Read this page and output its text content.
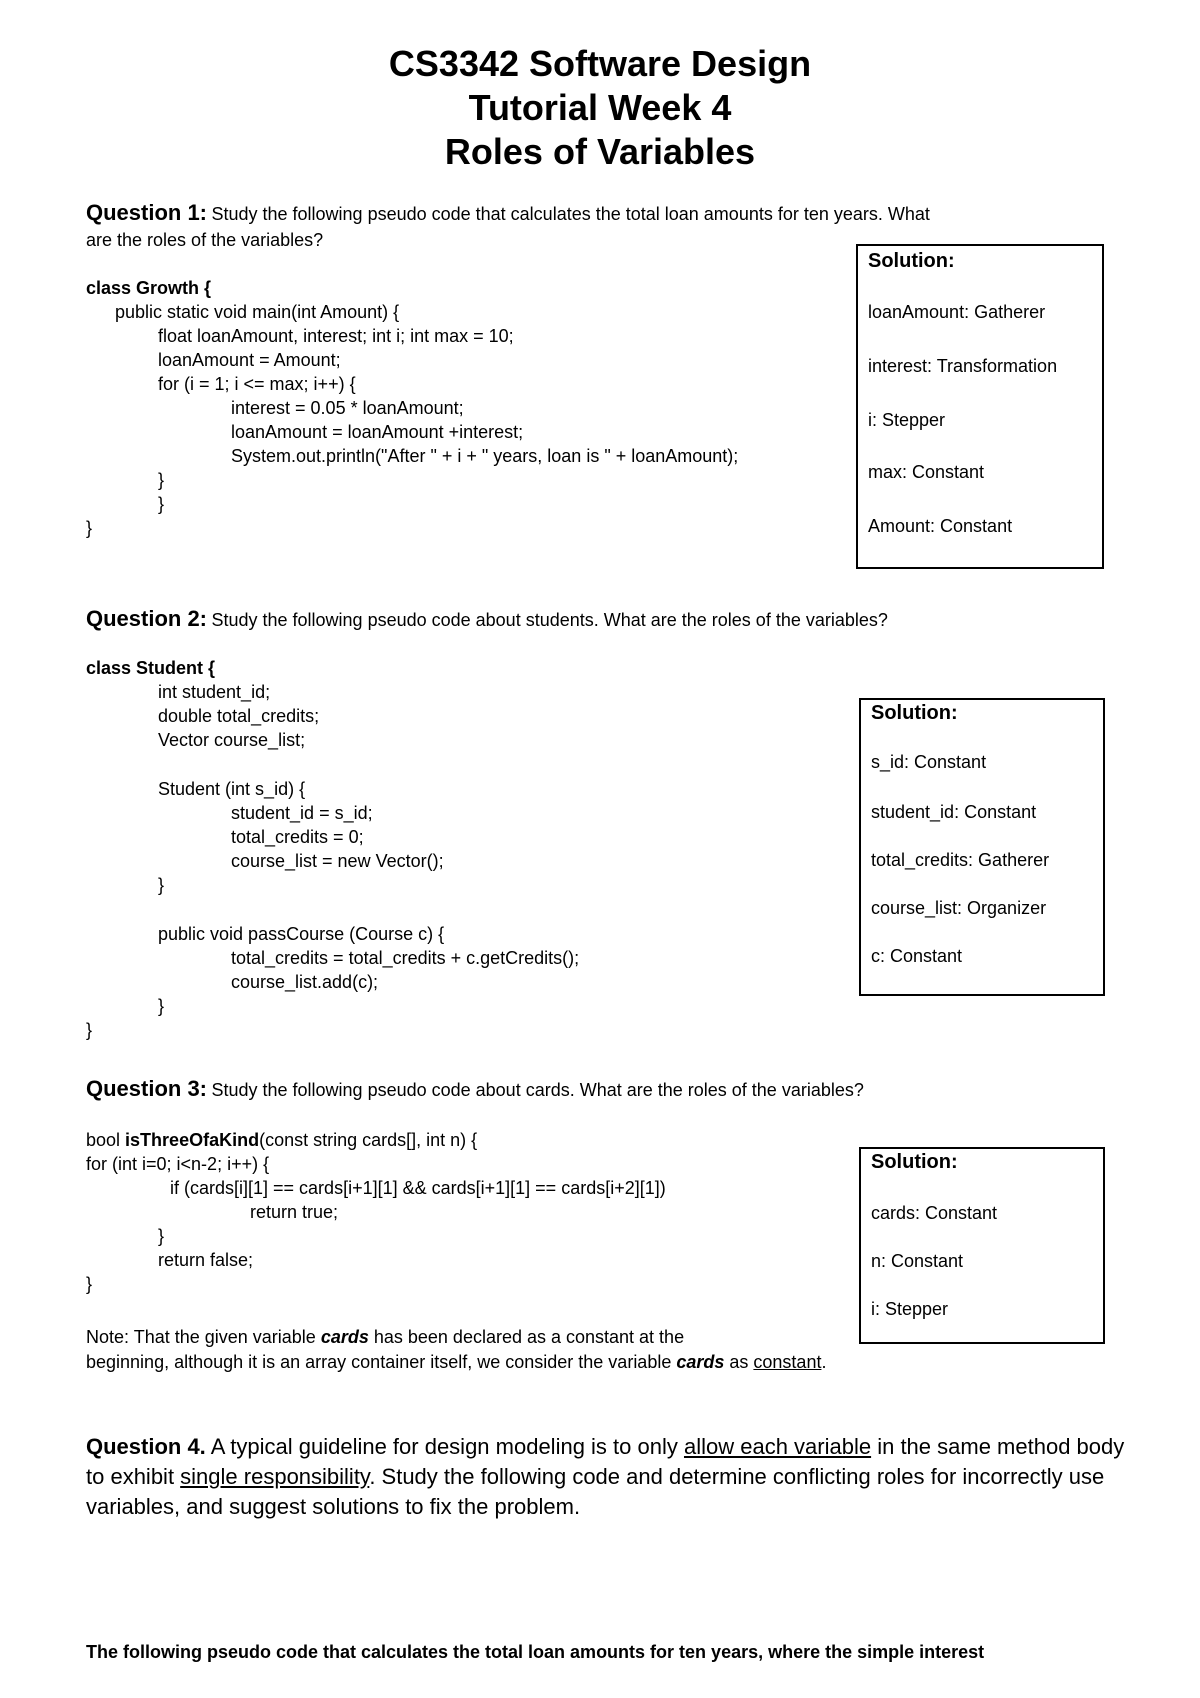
CS3342 Software Design
Tutorial Week 4
Roles of Variables
Question 1: Study the following pseudo code that calculates the total loan amounts for ten years. What
are the roles of the variables?
class Growth {
public static void main(int Amount) {
float loanAmount, interest; int i; int max = 10;
loanAmount = Amount;
for (i = 1; i <= max; i++) {
interest = 0.05 * loanAmount;
loanAmount = loanAmount +interest;
System.out.println("After " + i + " years, loan is " + loanAmount);
}
}
}
Solution:
loanAmount: Gatherer
interest: Transformation
i: Stepper
max: Constant
Amount: Constant
Question 2: Study the following pseudo code about students. What are the roles of the variables?
class Student {
int student_id;
double total_credits;
Vector course_list;
Student (int s_id) {
student_id = s_id;
total_credits = 0;
course_list = new Vector();
}
public void passCourse (Course c) {
total_credits = total_credits + c.getCredits();
course_list.add(c);
}
}
Solution:
s_id: Constant
student_id: Constant
total_credits: Gatherer
course_list: Organizer
c: Constant
Question 3: Study the following pseudo code about cards. What are the roles of the variables?
bool isThreeOfaKind(const string cards[], int n) {
for (int i=0; i<n-2; i++) {
if (cards[i][1] == cards[i+1][1] && cards[i+1][1] == cards[i+2][1])
return true;
}
return false;
}
Solution:
cards: Constant
n: Constant
i: Stepper
Note: That the given variable cards has been declared as a constant at the
beginning, although it is an array container itself, we consider the variable cards as constant.
Question 4. A typical guideline for design modeling is to only allow each variable in the same method body to exhibit single responsibility. Study the following code and determine conflicting roles for incorrectly use variables, and suggest solutions to fix the problem.
The following pseudo code that calculates the total loan amounts for ten years, where the simple interest
